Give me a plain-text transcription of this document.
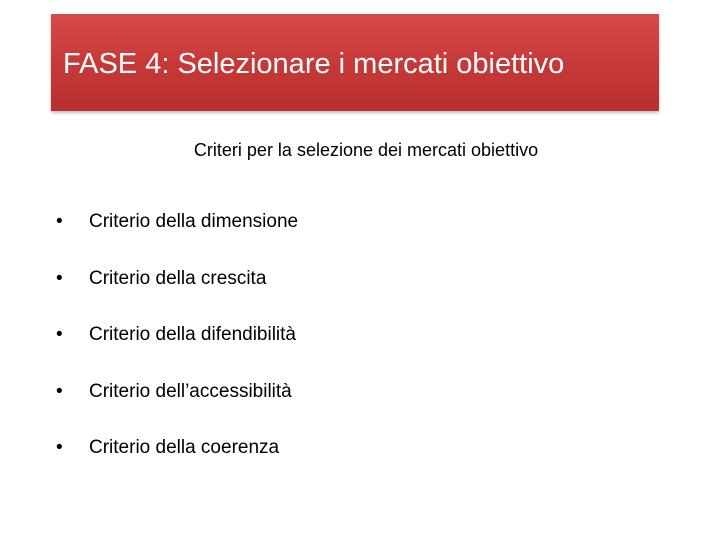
FASE 4: Selezionare i mercati obiettivo
Criteri per la selezione dei mercati obiettivo
•	Criterio della dimensione
•	Criterio della crescita
•	Criterio della difendibilità
•	Criterio dell’accessibilità
•	Criterio della coerenza
